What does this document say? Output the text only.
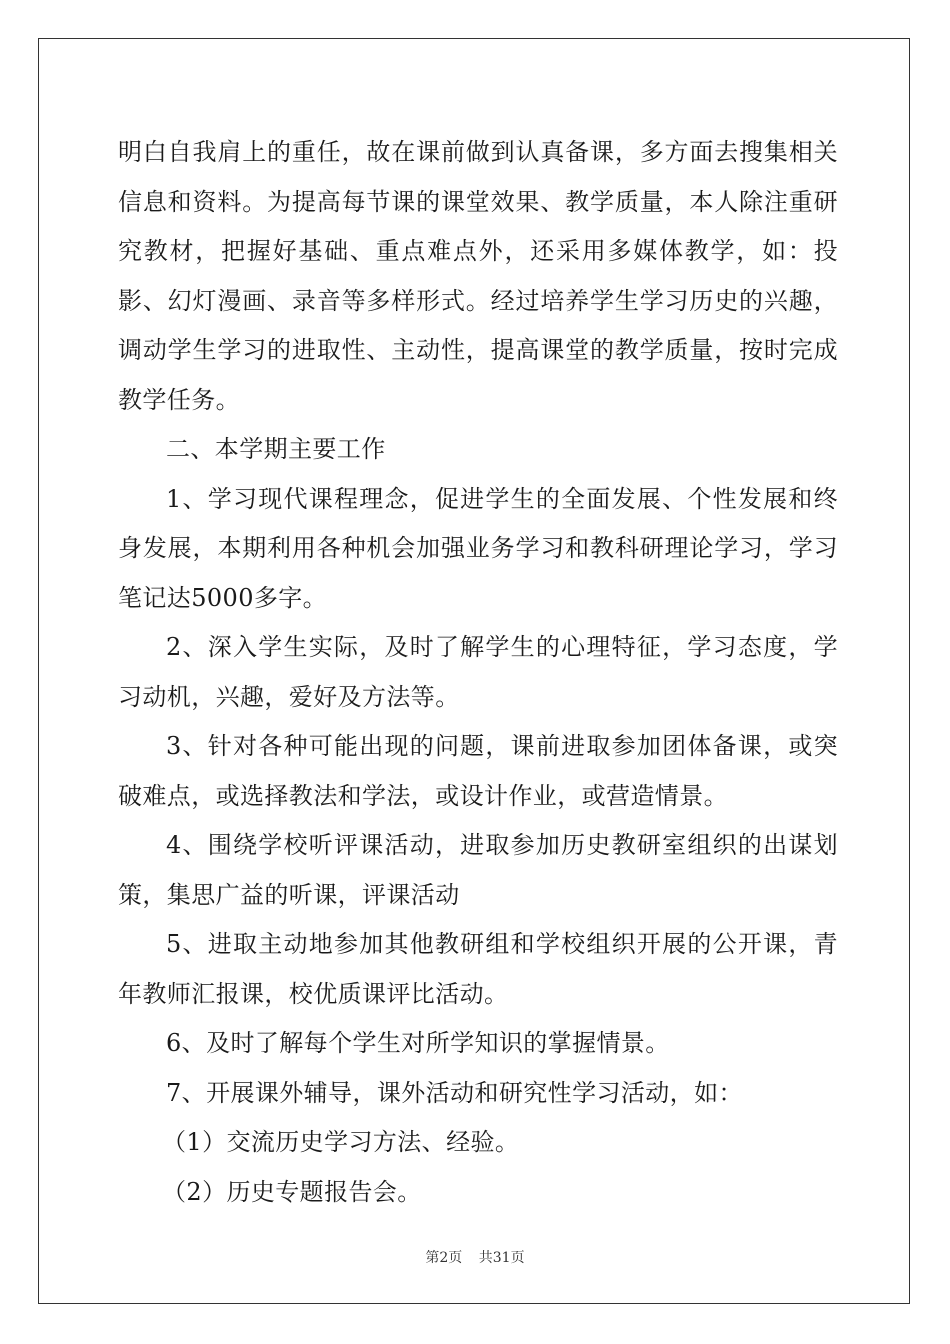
明白自我肩上的重任，故在课前做到认真备课，多方面去搜集相关信息和资料。为提高每节课的课堂效果、教学质量，本人除注重研究教材，把握好基础、重点难点外，还采用多媒体教学，如：投影、幻灯漫画、录音等多样形式。经过培养学生学习历史的兴趣，调动学生学习的进取性、主动性，提高课堂的教学质量，按时完成教学任务。

二、本学期主要工作

1、学习现代课程理念，促进学生的全面发展、个性发展和终身发展，本期利用各种机会加强业务学习和教科研理论学习，学习笔记达5000多字。

2、深入学生实际，及时了解学生的心理特征，学习态度，学习动机，兴趣，爱好及方法等。

3、针对各种可能出现的问题，课前进取参加团体备课，或突破难点，或选择教法和学法，或设计作业，或营造情景。

4、围绕学校听评课活动，进取参加历史教研室组织的出谋划策，集思广益的听课，评课活动

5、进取主动地参加其他教研组和学校组织开展的公开课，青年教师汇报课，校优质课评比活动。

6、及时了解每个学生对所学知识的掌握情景。

7、开展课外辅导，课外活动和研究性学习活动，如：

（1）交流历史学习方法、经验。

（2）历史专题报告会。

第2页 共31页
